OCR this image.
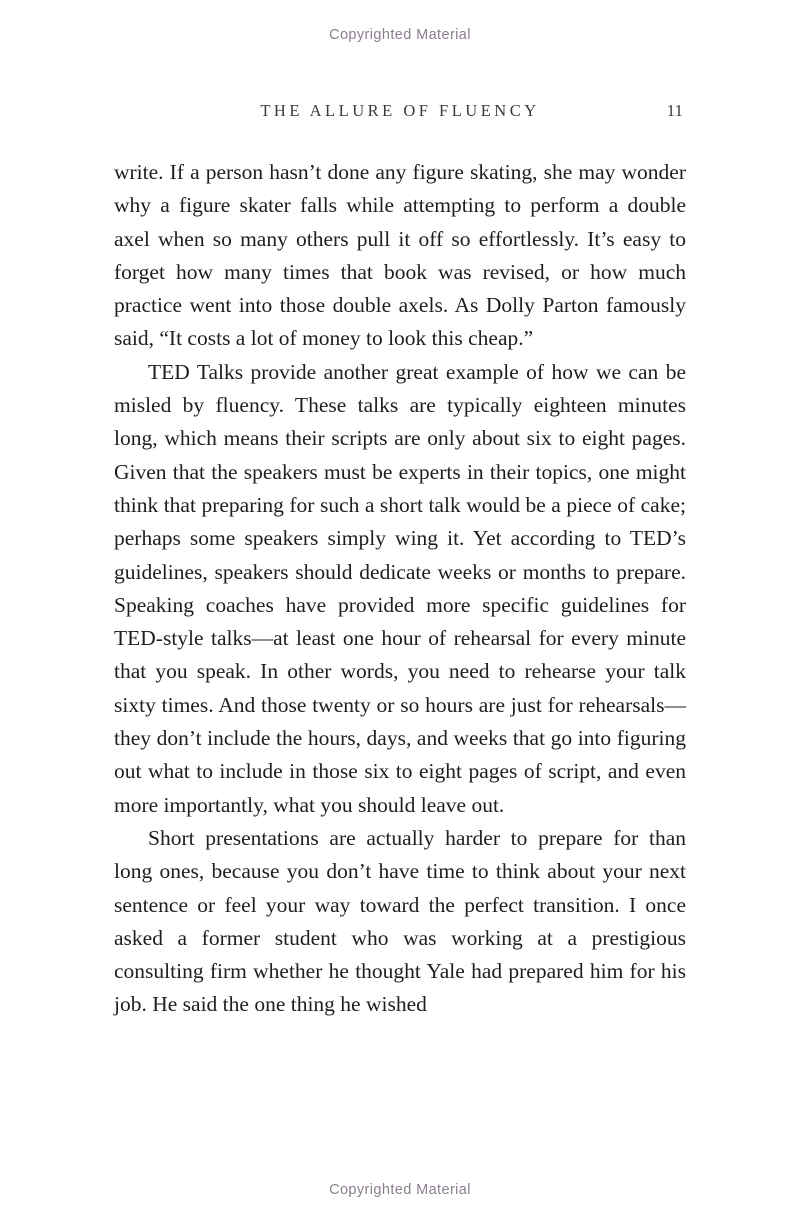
Copyrighted Material
THE ALLURE OF FLUENCY	11

write. If a person hasn’t done any figure skating, she may wonder why a figure skater falls while attempting to perform a double axel when so many others pull it off so effortlessly. It’s easy to forget how many times that book was revised, or how much practice went into those double axels. As Dolly Parton famously said, “It costs a lot of money to look this cheap.”

TED Talks provide another great example of how we can be misled by fluency. These talks are typically eighteen minutes long, which means their scripts are only about six to eight pages. Given that the speakers must be experts in their topics, one might think that preparing for such a short talk would be a piece of cake; perhaps some speakers simply wing it. Yet according to TED’s guidelines, speakers should dedicate weeks or months to prepare. Speaking coaches have provided more specific guidelines for TED-style talks—at least one hour of rehearsal for every minute that you speak. In other words, you need to rehearse your talk sixty times. And those twenty or so hours are just for rehearsals—they don’t include the hours, days, and weeks that go into figuring out what to include in those six to eight pages of script, and even more importantly, what you should leave out.

Short presentations are actually harder to prepare for than long ones, because you don’t have time to think about your next sentence or feel your way toward the perfect transition. I once asked a former student who was working at a prestigious consulting firm whether he thought Yale had prepared him for his job. He said the one thing he wished

Copyrighted Material
